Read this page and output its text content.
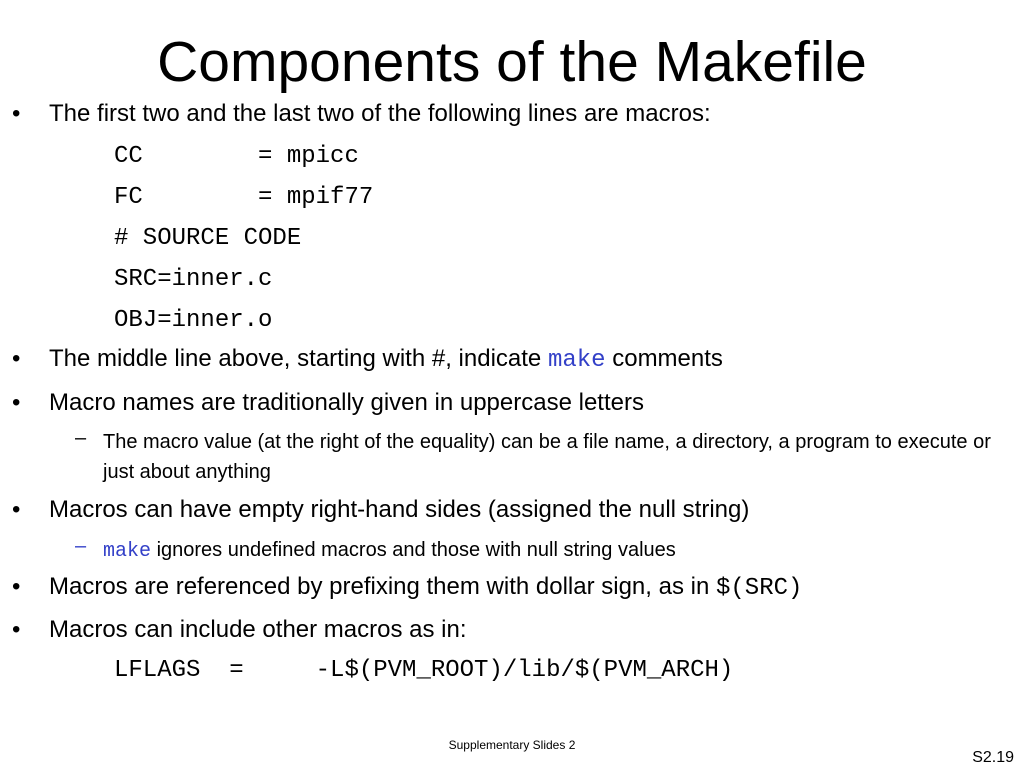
Components of the Makefile
• The first two and the last two of the following lines are macros:
CC        = mpicc
FC        = mpif77
# SOURCE CODE
SRC=inner.c
OBJ=inner.o
• The middle line above, starting with #, indicate make comments
• Macro names are traditionally given in uppercase letters
– The macro value (at the right of the equality) can be a file name, a directory, a program to execute or just about anything
• Macros can have empty right-hand sides (assigned the null string)
– make ignores undefined macros and those with null string values
• Macros are referenced by prefixing them with dollar sign, as in $(SRC)
• Macros can include other macros as in:
LFLAGS  =     -L$(PVM_ROOT)/lib/$(PVM_ARCH)
Supplementary Slides 2
S2.19
